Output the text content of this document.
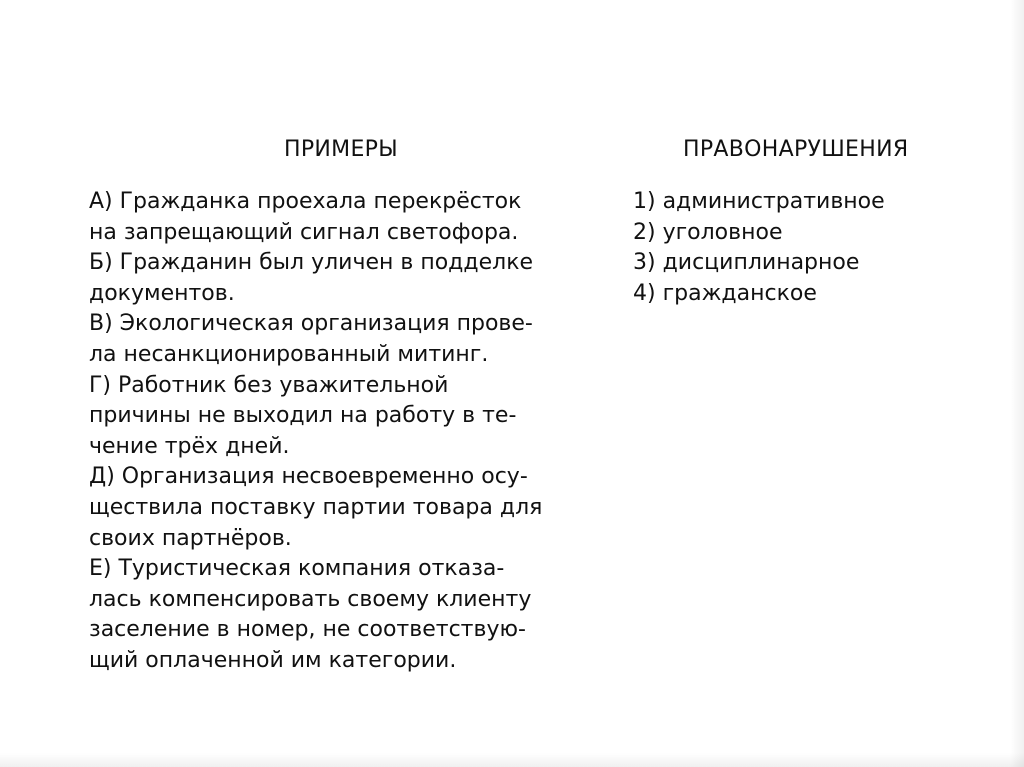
ПРИМЕРЫ	ПРАВОНАРУШЕНИЯ
А) Гражданка проехала перекрёсток
на запрещающий сигнал светофора.
Б) Гражданин был уличен в подделке
документов.
В) Экологическая организация прове-
ла несанкционированный митинг.
Г) Работник без уважительной
причины не выходил на работу в те-
чение трёх дней.
Д) Организация несвоевременно осу-
ществила поставку партии товара для
своих партнёров.
Е) Туристическая компания отказа-
лась компенсировать своему клиенту
заселение в номер, не соответствую-
щий оплаченной им категории.
1) административное
2) уголовное
3) дисциплинарное
4) гражданское
